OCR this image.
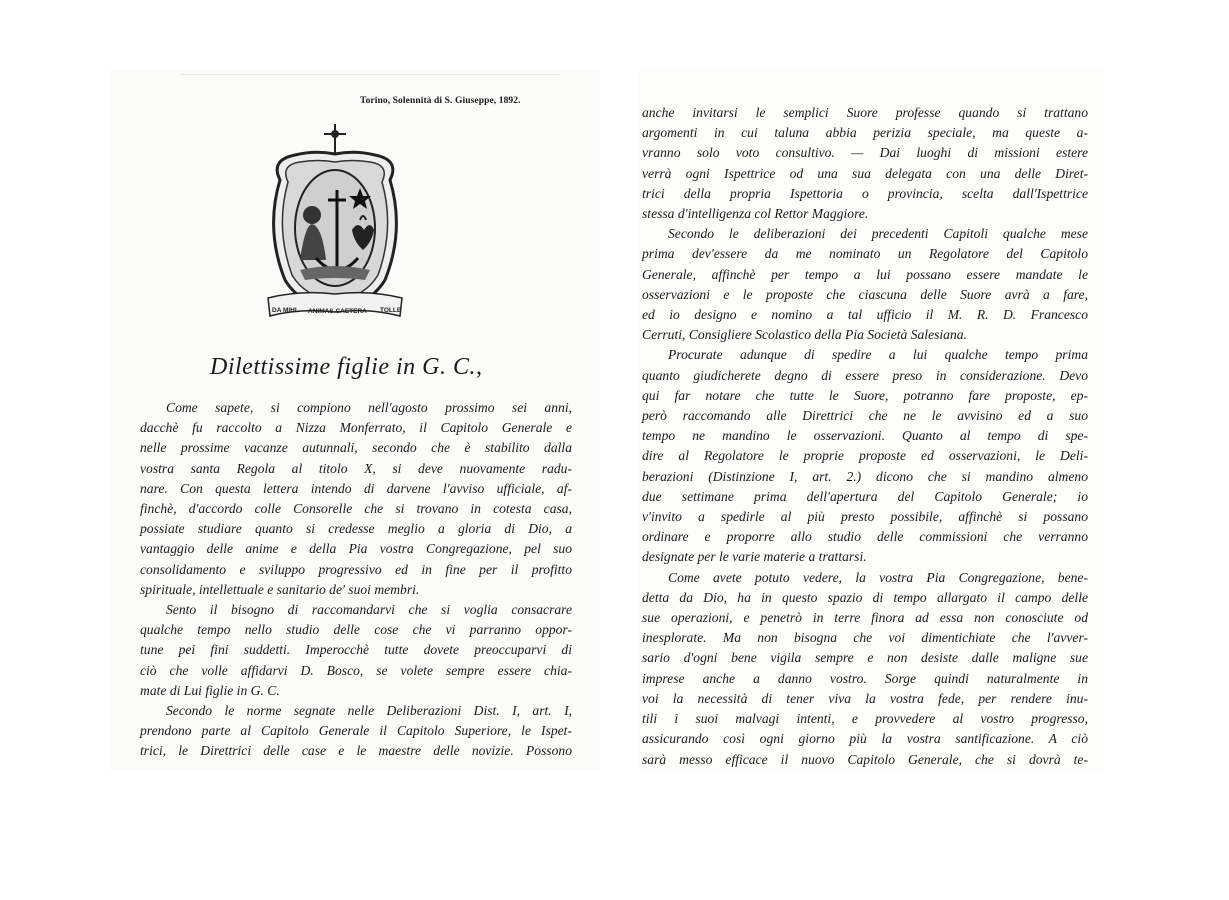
Torino, Solennità di S. Giuseppe, 1892.
DA MIHI ANIMAS CAETERA TOLLE
Dilettissime figlie in G. C.,
Come sapete, si compiono nell'agosto prossimo sei anni,
dacchè fu raccolto a Nizza Monferrato, il Capitolo Generale e
nelle prossime vacanze autunnali, secondo che è stabilito dalla
vostra santa Regola al titolo X, si deve nuovamente radu-
nare. Con questa lettera intendo di darvene l'avviso ufficiale, af-
finchè, d'accordo colle Consorelle che si trovano in cotesta casa,
possiate studiare quanto si credesse meglio a gloria di Dio, a
vantaggio delle anime e della Pia vostra Congregazione, pel suo
consolidamento e sviluppo progressivo ed in fine per il profitto
spirituale, intellettuale e sanitario de' suoi membri.
Sento il bisogno di raccomandarvi che si voglia consacrare
qualche tempo nello studio delle cose che vi parranno oppor-
tune pei fini suddetti. Imperocchè tutte dovete preoccuparvi di
ciò che volle affidarvi D. Bosco, se volete sempre essere chia-
mate di Lui figlie in G. C.
Secondo le norme segnate nelle Deliberazioni Dist. I, art. I,
prendono parte al Capitolo Generale il Capitolo Superiore, le Ispet-
trici, le Direttrici delle case e le maestre delle novizie. Possono
anche invitarsi le semplici Suore professe quando si trattano
argomenti in cui taluna abbia perizia speciale, ma queste a-
vranno solo voto consultivo. — Dai luoghi di missioni estere
verrà ogni Ispettrice od una sua delegata con una delle Diret-
trici della propria Ispettoria o provincia, scelta dall'Ispettrice
stessa d'intelligenza col Rettor Maggiore.
Secondo le deliberazioni dei precedenti Capitoli qualche mese
prima dev'essere da me nominato un Regolatore del Capitolo
Generale, affinchè per tempo a lui possano essere mandate le
osservazioni e le proposte che ciascuna delle Suore avrà a fare,
ed io designo e nomino a tal ufficio il M. R. D. Francesco
Cerruti, Consigliere Scolastico della Pia Società Salesiana.
Procurate adunque di spedire a lui qualche tempo prima
quanto giudicherete degno di essere preso in considerazione. Devo
qui far notare che tutte le Suore, potranno fare proposte, ep-
però raccomando alle Direttrici che ne le avvisino ed a suo
tempo ne mandino le osservazioni. Quanto al tempo di spe-
dire al Regolatore le proprie proposte ed osservazioni, le Deli-
berazioni (Distinzione I, art. 2.) dicono che si mandino almeno
due settimane prima dell'apertura del Capitolo Generale; io
v'invito a spedirle al più presto possibile, affinchè si possano
ordinare e proporre allo studio delle commissioni che verranno
designate per le varie materie a trattarsi.
Come avete potuto vedere, la vostra Pia Congregazione, bene-
detta da Dio, ha in questo spazio di tempo allargato il campo delle
sue operazioni, e penetrò in terre finora ad essa non conosciute od
inesplorate. Ma non bisogna che voi dimentichiate che l'avver-
sario d'ogni bene vigila sempre e non desiste dalle maligne sue
imprese anche a danno vostro. Sorge quindi naturalmente in
voi la necessità di tener viva la vostra fede, per rendere inu-
tili i suoi malvagi intenti, e provvedere al vostro progresso,
assicurando così ogni giorno più la vostra santificazione. A ciò
sarà messo efficace il nuovo Capitolo Generale, che si dovrà te-
